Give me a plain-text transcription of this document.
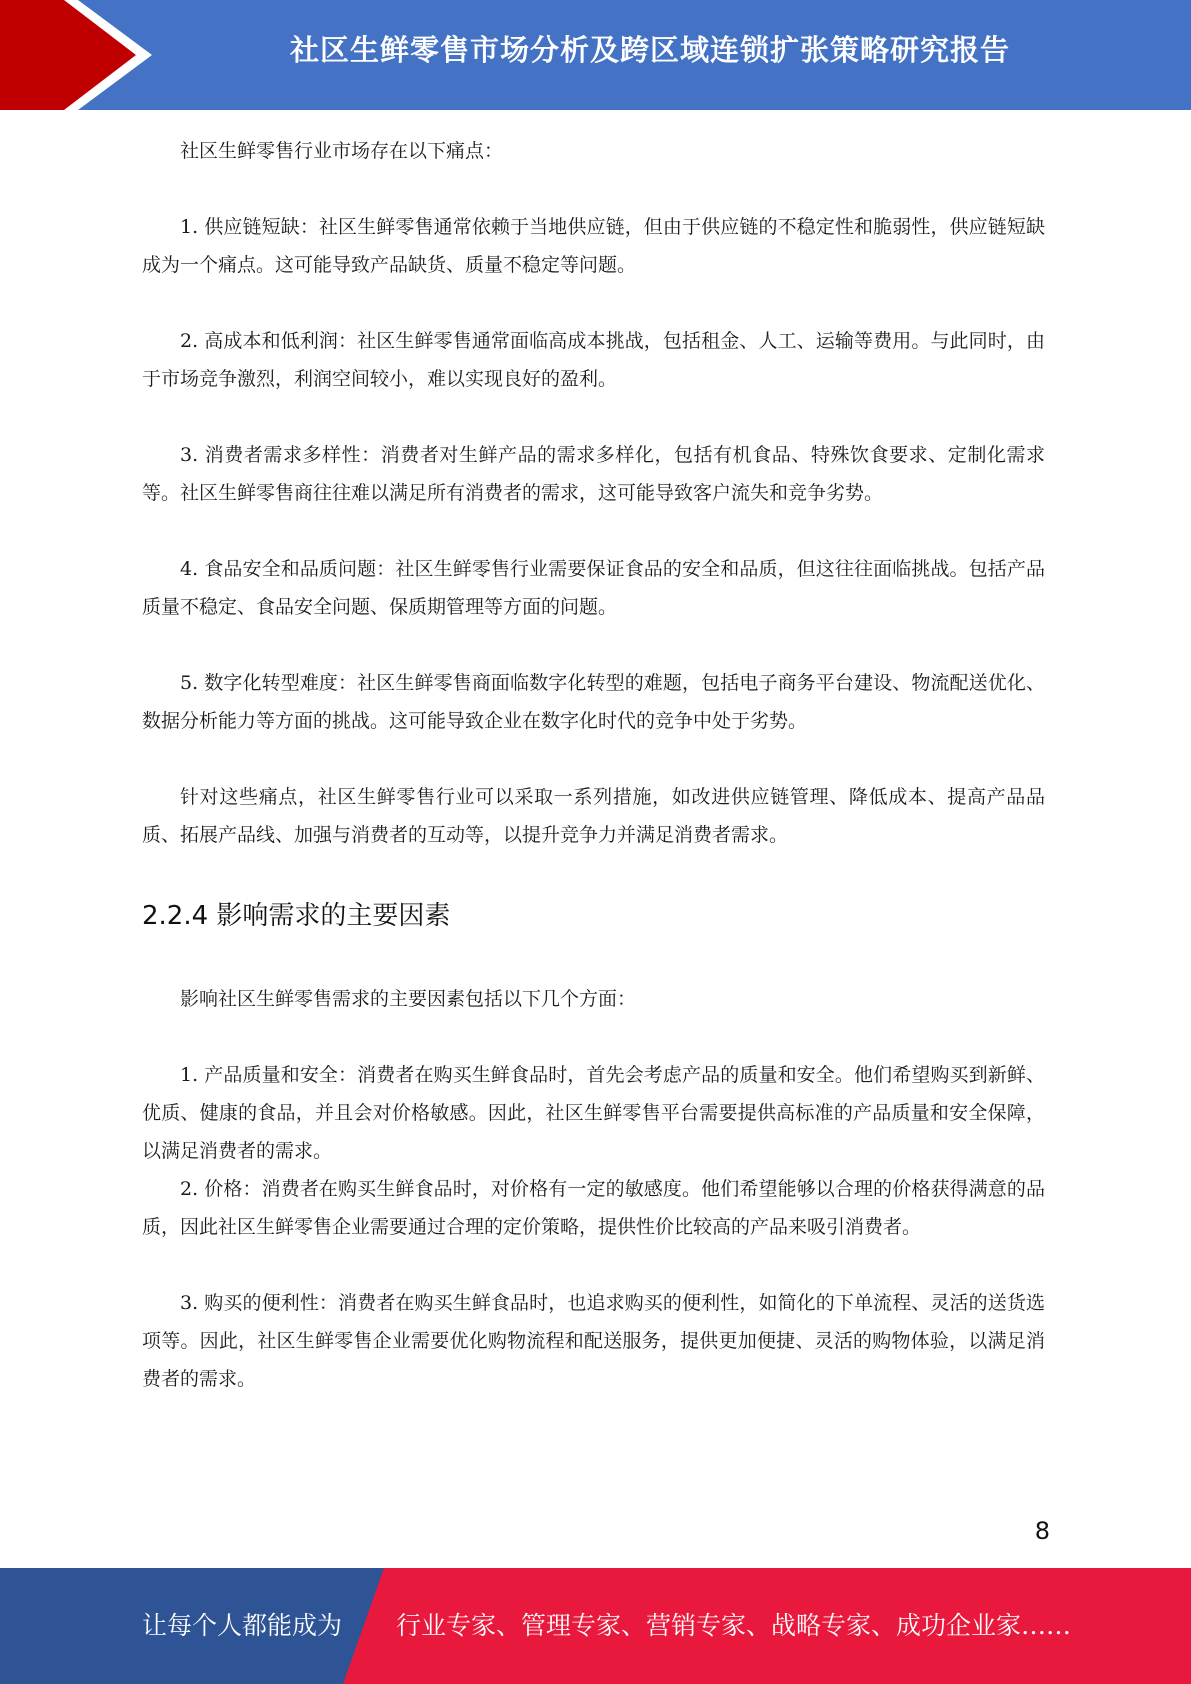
社区生鲜零售市场分析及跨区域连锁扩张策略研究报告

社区生鲜零售行业市场存在以下痛点：

1. 供应链短缺：社区生鲜零售通常依赖于当地供应链，但由于供应链的不稳定性和脆弱性，供应链短缺成为一个痛点。这可能导致产品缺货、质量不稳定等问题。

2. 高成本和低利润：社区生鲜零售通常面临高成本挑战，包括租金、人工、运输等费用。与此同时，由于市场竞争激烈，利润空间较小，难以实现良好的盈利。

3. 消费者需求多样性：消费者对生鲜产品的需求多样化，包括有机食品、特殊饮食要求、定制化需求等。社区生鲜零售商往往难以满足所有消费者的需求，这可能导致客户流失和竞争劣势。

4. 食品安全和品质问题：社区生鲜零售行业需要保证食品的安全和品质，但这往往面临挑战。包括产品质量不稳定、食品安全问题、保质期管理等方面的问题。

5. 数字化转型难度：社区生鲜零售商面临数字化转型的难题，包括电子商务平台建设、物流配送优化、数据分析能力等方面的挑战。这可能导致企业在数字化时代的竞争中处于劣势。

针对这些痛点，社区生鲜零售行业可以采取一系列措施，如改进供应链管理、降低成本、提高产品品质、拓展产品线、加强与消费者的互动等，以提升竞争力并满足消费者需求。

2.2.4 影响需求的主要因素

影响社区生鲜零售需求的主要因素包括以下几个方面：

1. 产品质量和安全：消费者在购买生鲜食品时，首先会考虑产品的质量和安全。他们希望购买到新鲜、优质、健康的食品，并且会对价格敏感。因此，社区生鲜零售平台需要提供高标准的产品质量和安全保障，以满足消费者的需求。

2. 价格：消费者在购买生鲜食品时，对价格有一定的敏感度。他们希望能够以合理的价格获得满意的品质，因此社区生鲜零售企业需要通过合理的定价策略，提供性价比较高的产品来吸引消费者。

3. 购买的便利性：消费者在购买生鲜食品时，也追求购买的便利性，如简化的下单流程、灵活的送货选项等。因此，社区生鲜零售企业需要优化购物流程和配送服务，提供更加便捷、灵活的购物体验，以满足消费者的需求。

8
让每个人都能成为 行业专家、管理专家、营销专家、战略专家、成功企业家……
